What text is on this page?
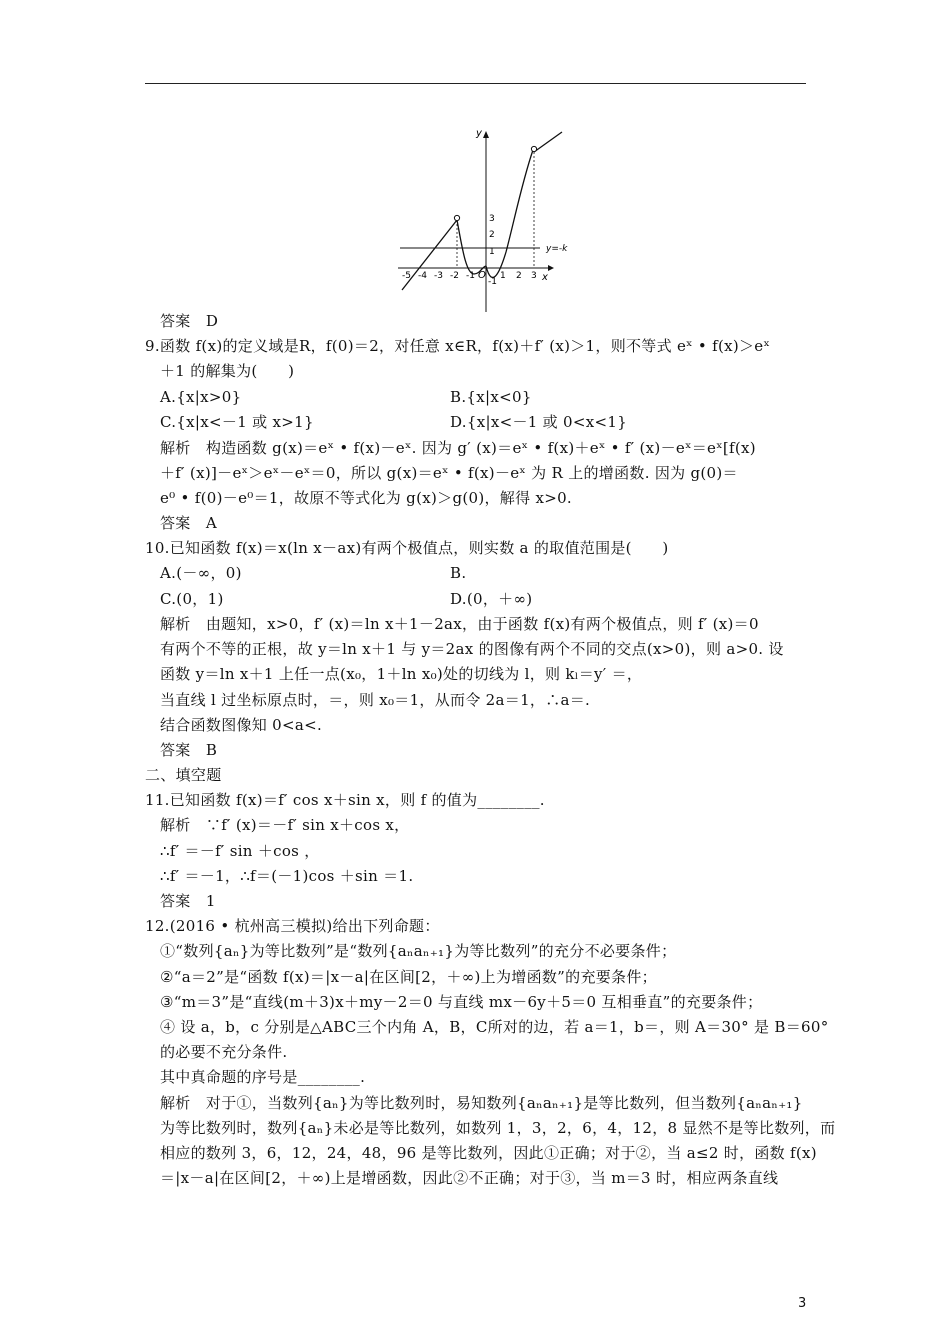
y
x
O
y=-k
3
2
1
-1
-5 -4 -3 -2 -1	1 2 3
答案　D
9.函数 f(x)的定义域是R，f(0)＝2，对任意 x∈R，f(x)＋f′ (x)＞1，则不等式 eˣ • f(x)＞eˣ
＋1 的解集为(　　)
A.{x|x>0}	B.{x|x<0}
C.{x|x<－1 或 x>1}	D.{x|x<－1 或 0<x<1}
解析　构造函数 g(x)＝eˣ • f(x)－eˣ. 因为 g′ (x)＝eˣ • f(x)＋eˣ • f′ (x)－eˣ＝eˣ[f(x)
＋f′ (x)]－eˣ＞eˣ－eˣ＝0，所以 g(x)＝eˣ • f(x)－eˣ 为 R 上的增函数. 因为 g(0)＝
e⁰ • f(0)－e⁰＝1，故原不等式化为 g(x)＞g(0)，解得 x>0.
答案　A
10.已知函数 f(x)＝x(ln x－ax)有两个极值点，则实数 a 的取值范围是(　　)
A.(－∞，0)	B.
C.(0，1)	D.(0，＋∞)
解析　由题知，x>0，f′ (x)＝ln x＋1－2ax，由于函数 f(x)有两个极值点，则 f′ (x)＝0
有两个不等的正根，故 y＝ln x＋1 与 y＝2ax 的图像有两个不同的交点(x>0)，则 a>0. 设
函数 y＝ln x＋1 上任一点(x₀，1＋ln x₀)处的切线为 l，则 kₗ＝y′ ＝，
当直线 l 过坐标原点时，＝，则 x₀＝1，从而令 2a＝1，∴a＝.
结合函数图像知 0<a<.
答案　B
二、填空题
11.已知函数 f(x)＝f′ cos x＋sin x，则 f 的值为________.
解析　∵f′ (x)＝－f′ sin x＋cos x，
∴f′ ＝－f′ sin ＋cos ，
∴f′ ＝－1，∴f＝(－1)cos ＋sin ＝1.
答案　1
12.(2016 • 杭州高三模拟)给出下列命题：
①“数列{aₙ}为等比数列”是“数列{aₙaₙ₊₁}为等比数列”的充分不必要条件；
②“a＝2”是“函数 f(x)＝|x－a|在区间[2，＋∞)上为增函数”的充要条件；
③“m＝3”是“直线(m＋3)x＋my－2＝0 与直线 mx－6y＋5＝0 互相垂直”的充要条件；
④ 设 a，b，c 分别是△ABC三个内角 A，B，C所对的边，若 a＝1，b＝，则 A＝30° 是 B＝60°
的必要不充分条件.
其中真命题的序号是________.
解析　对于①，当数列{aₙ}为等比数列时，易知数列{aₙaₙ₊₁}是等比数列，但当数列{aₙaₙ₊₁}
为等比数列时，数列{aₙ}未必是等比数列，如数列 1，3，2，6，4，12，8 显然不是等比数列，而
相应的数列 3，6，12，24，48，96 是等比数列，因此①正确；对于②，当 a≤2 时，函数 f(x)
＝|x－a|在区间[2，＋∞)上是增函数，因此②不正确；对于③，当 m＝3 时，相应两条直线
3
